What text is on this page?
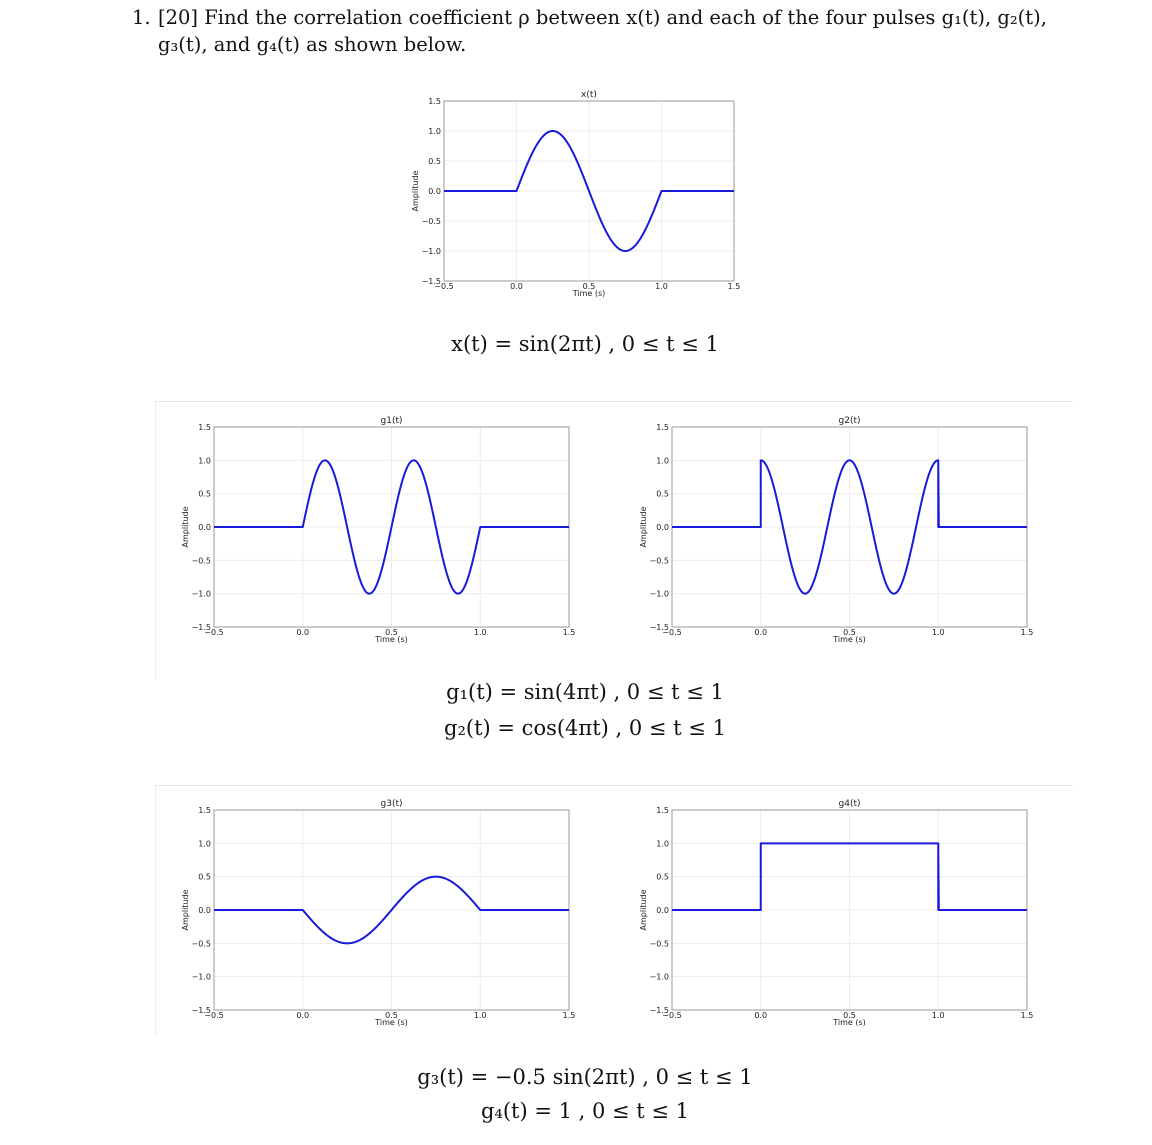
1. [20] Find the correlation coefficient ρ between x(t) and each of the four pulses g₁(t), g₂(t),
g₃(t), and g₄(t) as shown below.
−0.5	0.0	0.5	1.0	1.5
−1.5
−1.0
−0.5
0.0
0.5
1.0
1.5
Time (s)
Amplitude
x(t)
−0.5	0.0	0.5	1.0	1.5
−1.5
−1.0
−0.5
0.0
0.5
1.0
1.5
Time (s)
Amplitude
g1(t)
−0.5	0.0	0.5	1.0	1.5
−1.5
−1.0
−0.5
0.0
0.5
1.0
1.5
Time (s)
Amplitude
g2(t)
−0.5	0.0	0.5	1.0	1.5
−1.5
−1.0
−0.5
0.0
0.5
1.0
1.5
Time (s)
Amplitude
g3(t)
−0.5	0.0	0.5	1.0	1.5
−1.5
−1.0
−0.5
0.0
0.5
1.0
1.5
Time (s)
Amplitude
g4(t)
x(t) = sin(2πt) , 0 ≤ t ≤ 1
g₁(t) = sin(4πt) , 0 ≤ t ≤ 1
g₂(t) = cos(4πt) , 0 ≤ t ≤ 1
g₃(t) = −0.5 sin(2πt) , 0 ≤ t ≤ 1
g₄(t) = 1 , 0 ≤ t ≤ 1
